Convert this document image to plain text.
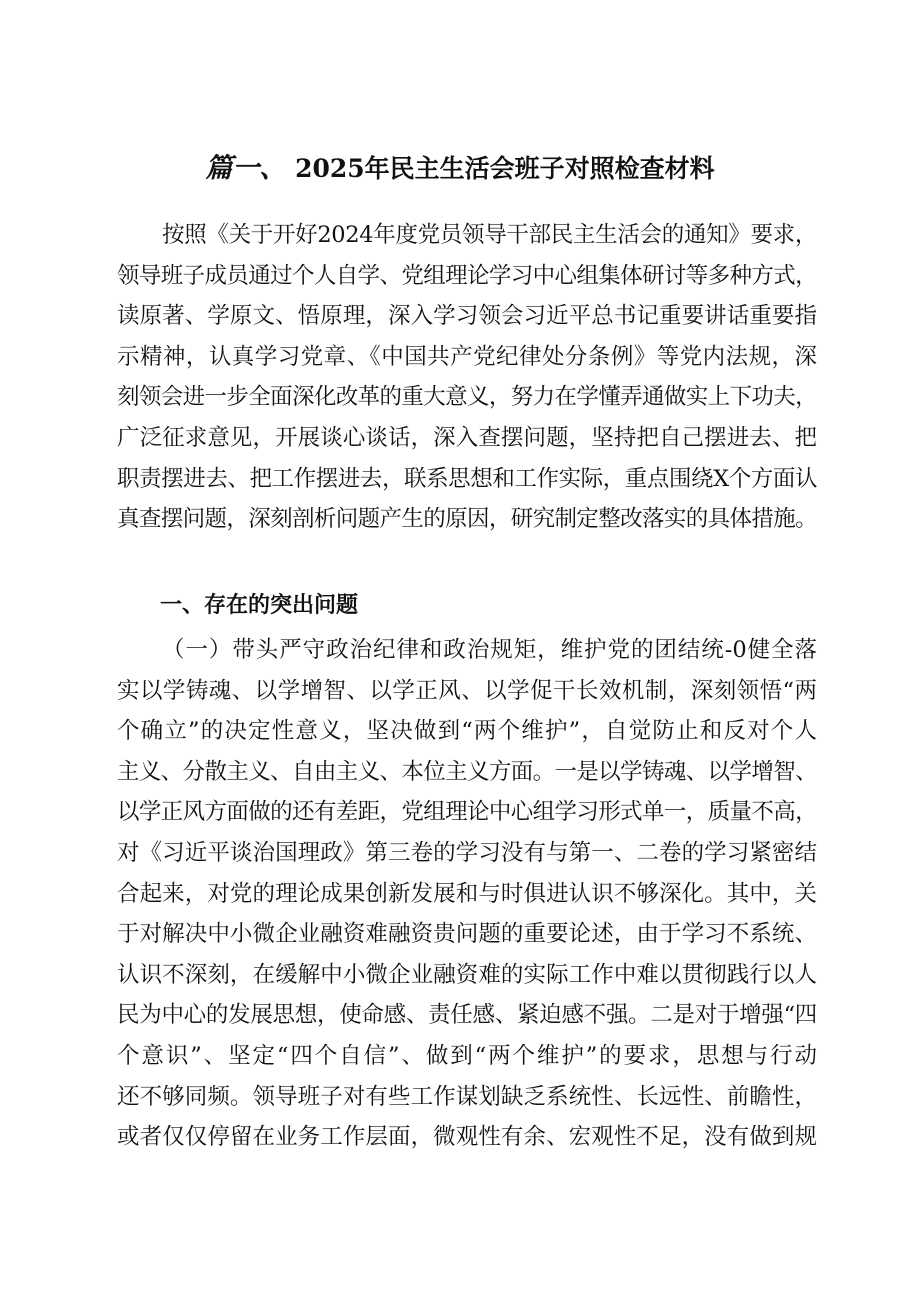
篇一、 2025年民主生活会班子对照检查材料
按照《关于开好2024年度党员领导干部民主生活会的通知》要求，
领导班子成员通过个人自学、党组理论学习中心组集体研讨等多种方式，
读原著、学原文、悟原理，深入学习领会习近平总书记重要讲话重要指
示精神，认真学习党章、《中国共产党纪律处分条例》等党内法规，深
刻领会进一步全面深化改革的重大意义，努力在学懂弄通做实上下功夫，
广泛征求意见，开展谈心谈话，深入查摆问题，坚持把自己摆进去、把
职责摆进去、把工作摆进去，联系思想和工作实际，重点围绕X个方面认
真查摆问题，深刻剖析问题产生的原因，研究制定整改落实的具体措施。
一、存在的突出问题
（一）带头严守政治纪律和政治规矩，维护党的团结统-0健全落
实以学铸魂、以学增智、以学正风、以学促干长效机制，深刻领悟“两
个确立”的决定性意义，坚决做到“两个维护”，自觉防止和反对个人
主义、分散主义、自由主义、本位主义方面。一是以学铸魂、以学增智、
以学正风方面做的还有差距，党组理论中心组学习形式单一，质量不高，
对《习近平谈治国理政》第三卷的学习没有与第一、二卷的学习紧密结
合起来，对党的理论成果创新发展和与时俱进认识不够深化。其中，关
于对解决中小微企业融资难融资贵问题的重要论述，由于学习不系统、
认识不深刻，在缓解中小微企业融资难的实际工作中难以贯彻践行以人
民为中心的发展思想，使命感、责任感、紧迫感不强。二是对于增强“四
个意识”、坚定“四个自信”、做到“两个维护”的要求，思想与行动
还不够同频。领导班子对有些工作谋划缺乏系统性、长远性、前瞻性，
或者仅仅停留在业务工作层面，微观性有余、宏观性不足，没有做到规
